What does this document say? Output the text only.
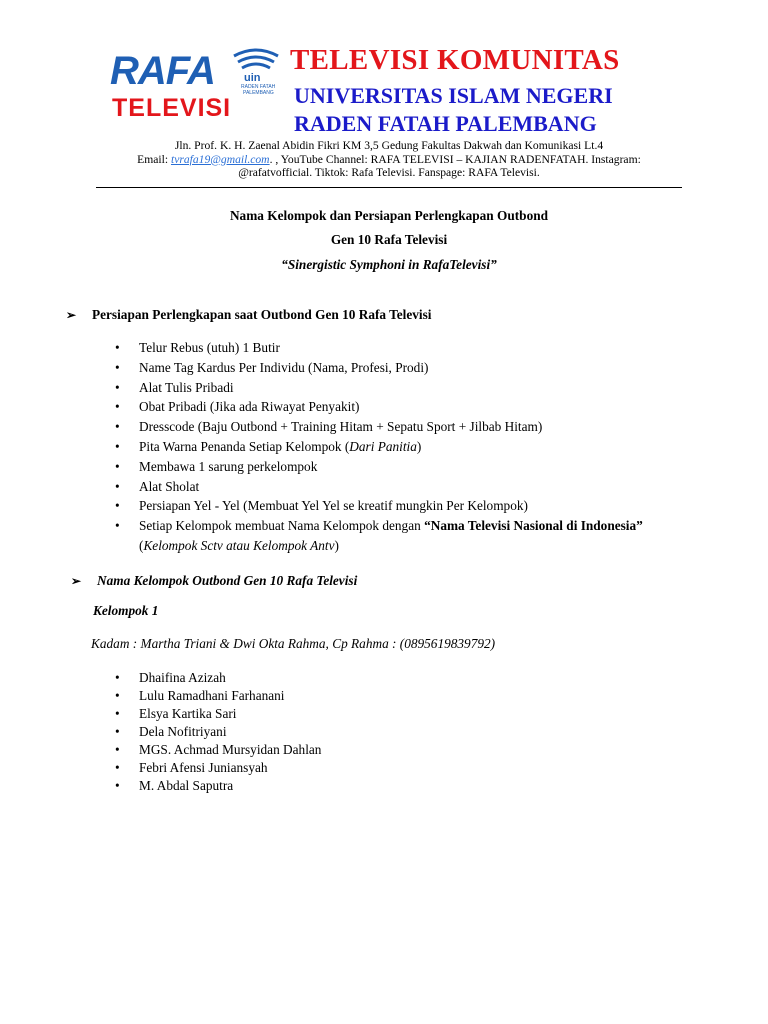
RAFA	uin
RADEN FATAH
PALEMBANG
TELEVISI
TELEVISI KOMUNITAS
UNIVERSITAS ISLAM NEGERI
RADEN FATAH PALEMBANG
Jln. Prof. K. H. Zaenal Abidin Fikri KM 3,5 Gedung Fakultas Dakwah dan Komunikasi Lt.4
Email: tvrafa19@gmail.com. , YouTube Channel: RAFA TELEVISI – KAJIAN RADENFATAH. Instagram:
@rafatvofficial. Tiktok: Rafa Televisi. Fanspage: RAFA Televisi.
Nama Kelompok dan Persiapan Perlengkapan Outbond
Gen 10 Rafa Televisi
“Sinergistic Symphoni in RafaTelevisi”
➢ Persiapan Perlengkapan saat Outbond Gen 10 Rafa Televisi
• Telur Rebus (utuh) 1 Butir
• Name Tag Kardus Per Individu (Nama, Profesi, Prodi)
• Alat Tulis Pribadi
• Obat Pribadi (Jika ada Riwayat Penyakit)
• Dresscode (Baju Outbond + Training Hitam + Sepatu Sport + Jilbab Hitam)
• Pita Warna Penanda Setiap Kelompok (Dari Panitia)
• Membawa 1 sarung perkelompok
• Alat Sholat
• Persiapan Yel - Yel (Membuat Yel Yel se kreatif mungkin Per Kelompok)
• Setiap Kelompok membuat Nama Kelompok dengan “Nama Televisi Nasional di Indonesia” (Kelompok Sctv atau Kelompok Antv)
➢ Nama Kelompok Outbond Gen 10 Rafa Televisi
Kelompok 1
Kadam : Martha Triani & Dwi Okta Rahma, Cp Rahma : (0895619839792)
• Dhaifina Azizah
• Lulu Ramadhani Farhanani
• Elsya Kartika Sari
• Dela Nofitriyani
• MGS. Achmad Mursyidan Dahlan
• Febri Afensi Juniansyah
• M. Abdal Saputra
